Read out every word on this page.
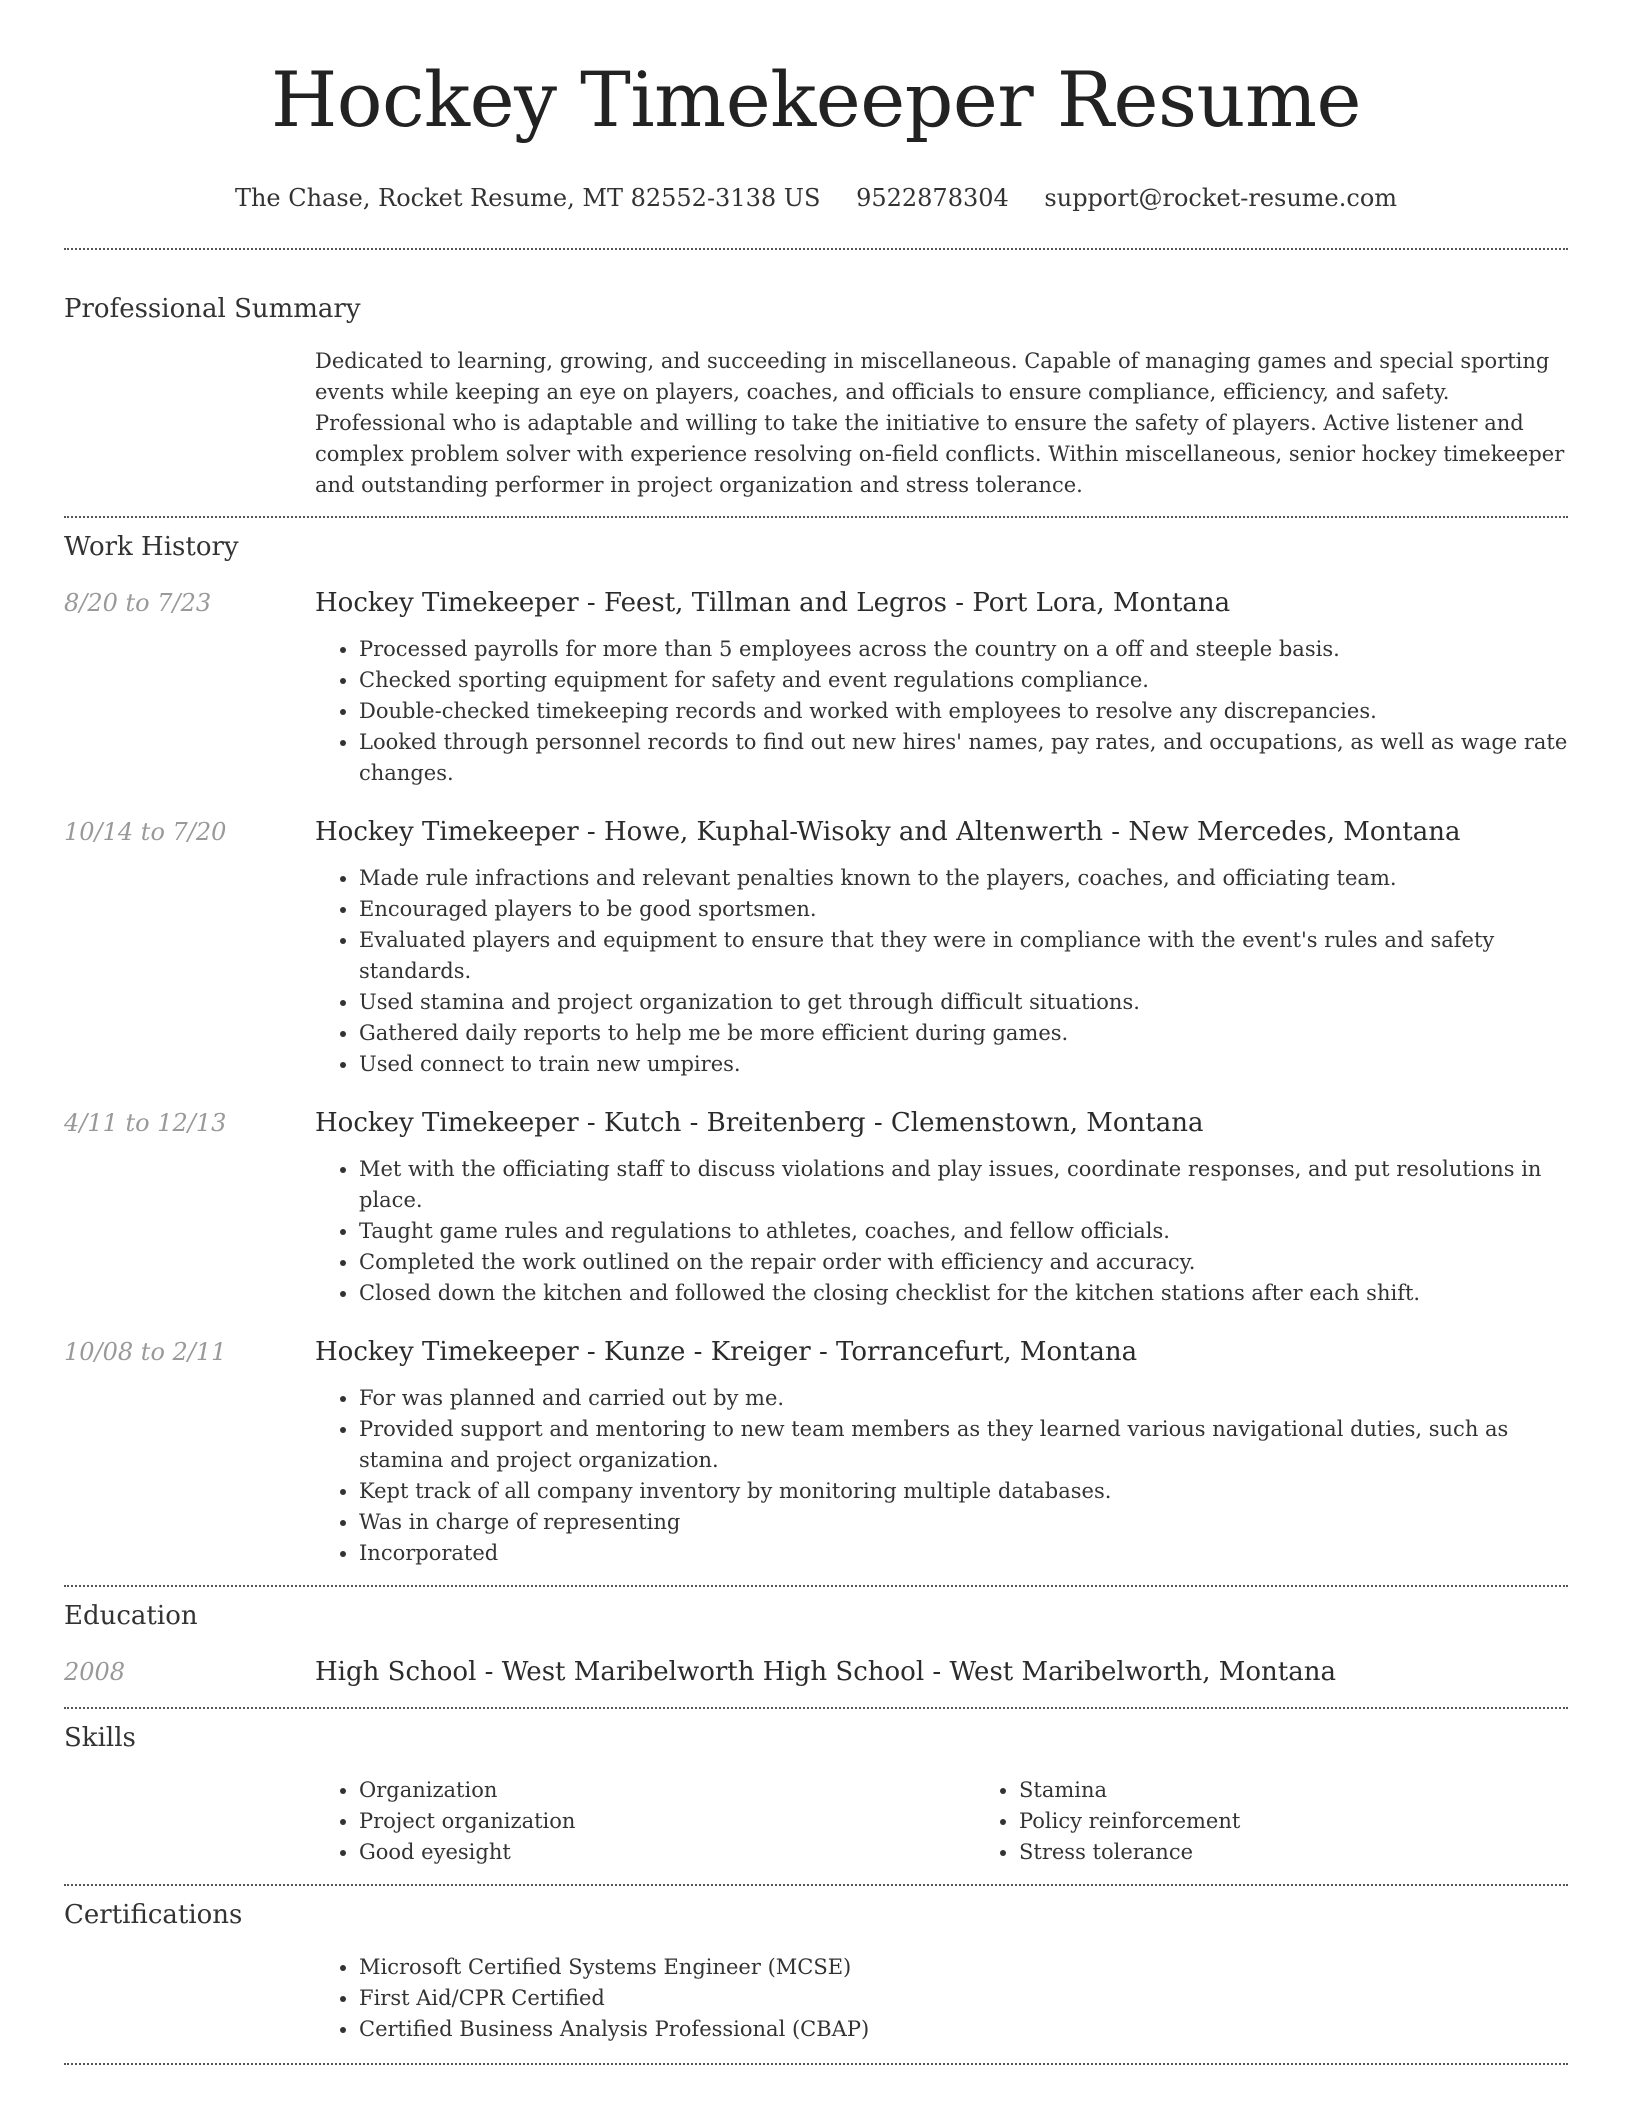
Hockey Timekeeper Resume
The Chase, Rocket Resume, MT 82552-3138 US 9522878304 support@rocket-resume.com
Professional Summary
Dedicated to learning, growing, and succeeding in miscellaneous. Capable of managing games and special sporting events while keeping an eye on players, coaches, and officials to ensure compliance, efficiency, and safety. Professional who is adaptable and willing to take the initiative to ensure the safety of players. Active listener and complex problem solver with experience resolving on-field conflicts. Within miscellaneous, senior hockey timekeeper and outstanding performer in project organization and stress tolerance.
Work History
8/20 to 7/23	Hockey Timekeeper - Feest, Tillman and Legros - Port Lora, Montana
• Processed payrolls for more than 5 employees across the country on a off and steeple basis.
• Checked sporting equipment for safety and event regulations compliance.
• Double-checked timekeeping records and worked with employees to resolve any discrepancies.
• Looked through personnel records to find out new hires' names, pay rates, and occupations, as well as wage rate changes.
10/14 to 7/20	Hockey Timekeeper - Howe, Kuphal-Wisoky and Altenwerth - New Mercedes, Montana
• Made rule infractions and relevant penalties known to the players, coaches, and officiating team.
• Encouraged players to be good sportsmen.
• Evaluated players and equipment to ensure that they were in compliance with the event's rules and safety standards.
• Used stamina and project organization to get through difficult situations.
• Gathered daily reports to help me be more efficient during games.
• Used connect to train new umpires.
4/11 to 12/13	Hockey Timekeeper - Kutch - Breitenberg - Clemenstown, Montana
• Met with the officiating staff to discuss violations and play issues, coordinate responses, and put resolutions in place.
• Taught game rules and regulations to athletes, coaches, and fellow officials.
• Completed the work outlined on the repair order with efficiency and accuracy.
• Closed down the kitchen and followed the closing checklist for the kitchen stations after each shift.
10/08 to 2/11	Hockey Timekeeper - Kunze - Kreiger - Torrancefurt, Montana
• For was planned and carried out by me.
• Provided support and mentoring to new team members as they learned various navigational duties, such as stamina and project organization.
• Kept track of all company inventory by monitoring multiple databases.
• Was in charge of representing
• Incorporated
Education
2008	High School - West Maribelworth High School - West Maribelworth, Montana
Skills
• Organization
• Project organization
• Good eyesight
• Stamina
• Policy reinforcement
• Stress tolerance
Certifications
• Microsoft Certified Systems Engineer (MCSE)
• First Aid/CPR Certified
• Certified Business Analysis Professional (CBAP)
